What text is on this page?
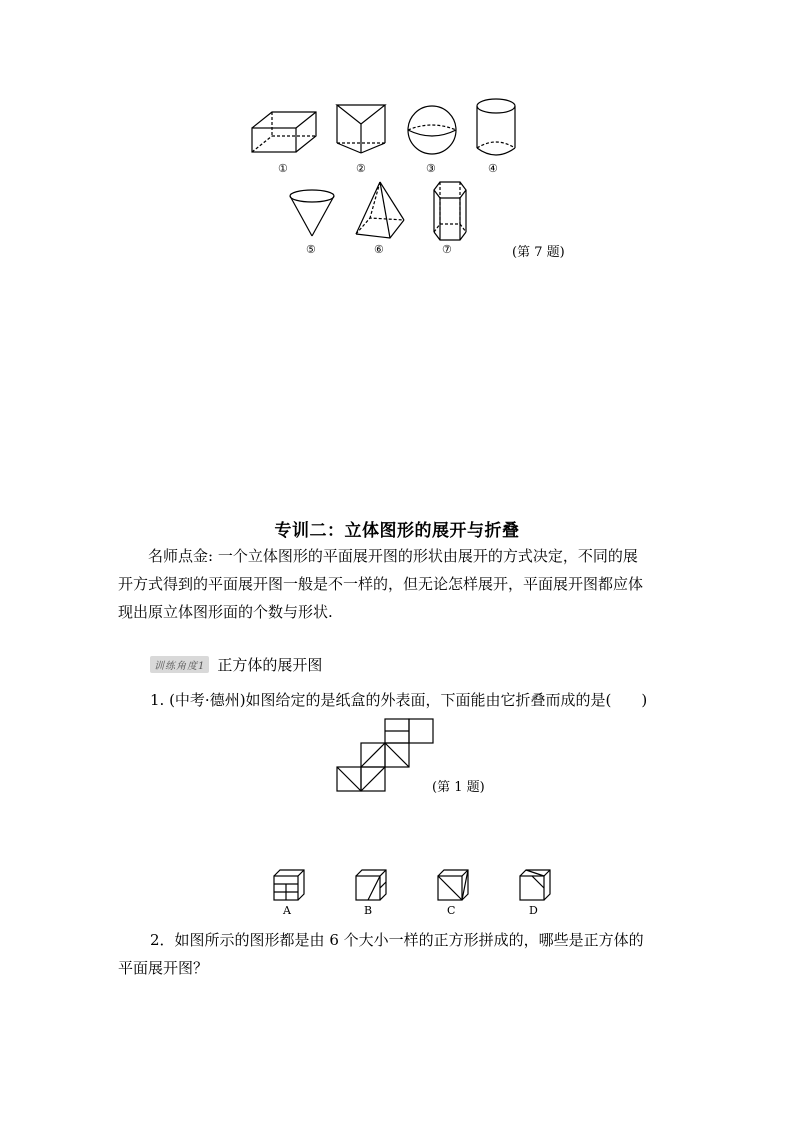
①	②	③	④
⑤	⑥	⑦	(第 7 题)
专训二：立体图形的展开与折叠
名师点金: 一个立体图形的平面展开图的形状由展开的方式决定，不同的展
开方式得到的平面展开图一般是不一样的，但无论怎样展开，平面展开图都应体
现出原立体图形面的个数与形状.
训练角度1 正方体的展开图
1. (中考·德州)如图给定的是纸盒的外表面，下面能由它折叠而成的是(　　)
(第 1 题)
A	B	C	D
2．如图所示的图形都是由 6 个大小一样的正方形拼成的，哪些是正方体的
平面展开图？
